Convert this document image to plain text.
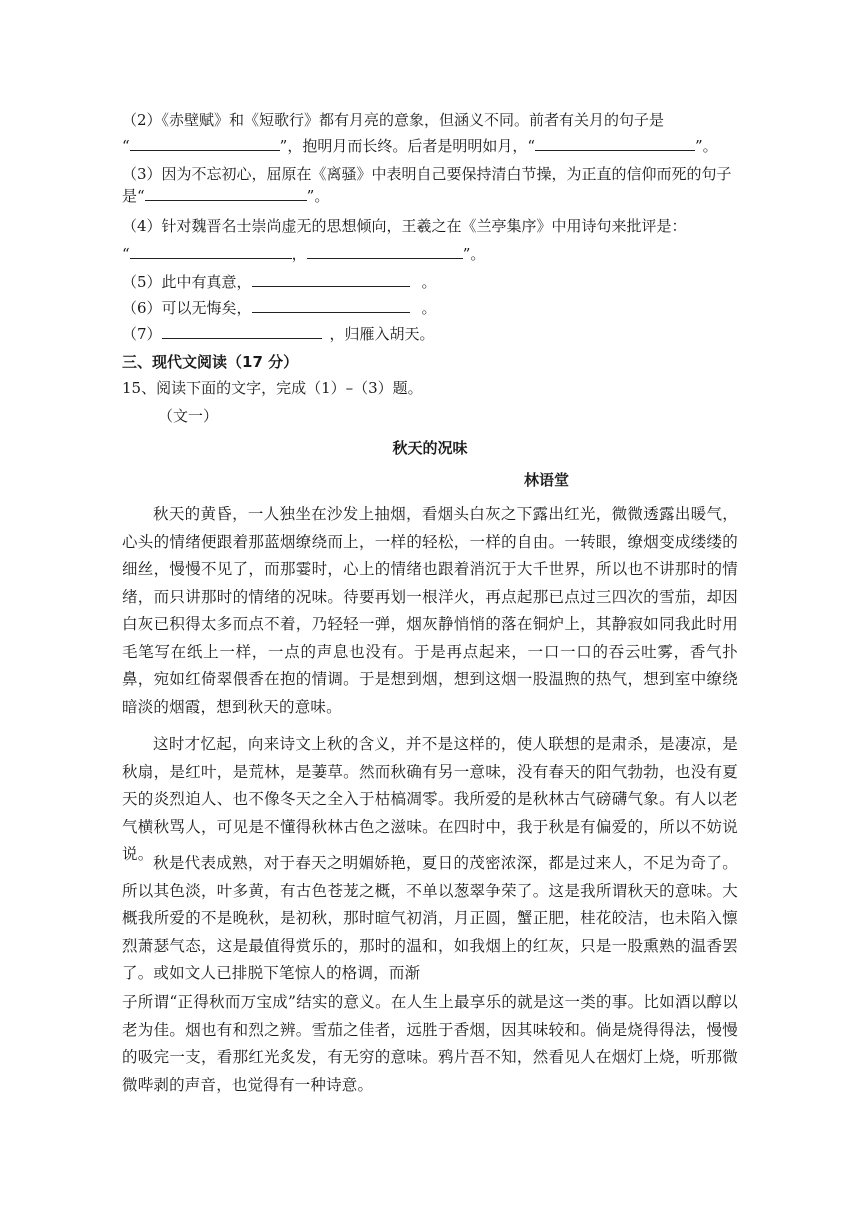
（2）《赤壁赋》和《短歌行》都有月亮的意象，但涵义不同。前者有关月的句子是
“	”，抱明月而长终。后者是明明如月，“	”。
（3）因为不忘初心，屈原在《离骚》中表明自己要保持清白节操，为正直的信仰而死的句子
是“	”。
（4）针对魏晋名士崇尚虚无的思想倾向，王羲之在《兰亭集序》中用诗句来批评是：
“	，	”。
（5）此中有真意，	。
（6）可以无悔矣，	。
（7）	，归雁入胡天。
三、现代文阅读（17 分）
15、阅读下面的文字，完成（1）–（3）题。
（文一）
秋天的况味
林语堂
秋天的黄昏，一人独坐在沙发上抽烟，看烟头白灰之下露出红光，微微透露出暖气，心头的情绪便跟着那蓝烟缭绕而上，一样的轻松，一样的自由。一转眼，缭烟变成缕缕的细丝，慢慢不见了，而那霎时，心上的情绪也跟着消沉于大千世界，所以也不讲那时的情绪，而只讲那时的情绪的况味。待要再划一根洋火，再点起那已点过三四次的雪茄，却因白灰已积得太多而点不着，乃轻轻一弹，烟灰静悄悄的落在铜炉上，其静寂如同我此时用毛笔写在纸上一样，一点的声息也没有。于是再点起来，一口一口的吞云吐雾，香气扑鼻，宛如红倚翠偎香在抱的情调。于是想到烟，想到这烟一股温煦的热气，想到室中缭绕暗淡的烟霞，想到秋天的意味。
这时才忆起，向来诗文上秋的含义，并不是这样的，使人联想的是肃杀，是凄凉，是秋扇，是红叶，是荒林，是萋草。然而秋确有另一意味，没有春天的阳气勃勃，也没有夏天的炎烈迫人、也不像冬天之全入于枯槁凋零。我所爱的是秋林古气磅礴气象。有人以老气横秋骂人，可见是不懂得秋林古色之滋味。在四时中，我于秋是有偏爱的，所以不妨说说。 秋是代表成熟，对于春天之明媚娇艳，夏日的茂密浓深，都是过来人，不足为奇了。所以其色淡，叶多黄，有古色苍茏之概，不单以葱翠争荣了。这是我所谓秋天的意味。大概我所爱的不是晚秋，是初秋，那时暄气初消，月正圆，蟹正肥，桂花皎洁，也未陷入懔烈萧瑟气态，这是最值得赏乐的，那时的温和，如我烟上的红灰，只是一股熏熟的温香罢了。或如文人已排脱下笔惊人的格调，而渐
子所谓“正得秋而万宝成”结实的意义。在人生上最享乐的就是这一类的事。比如酒以醇以老为佳。烟也有和烈之辨。雪茄之佳者，远胜于香烟，因其味较和。倘是烧得得法，慢慢的吸完一支，看那红光炙发，有无穷的意味。鸦片吾不知，然看见人在烟灯上烧，听那微微哔剥的声音，也觉得有一种诗意。
